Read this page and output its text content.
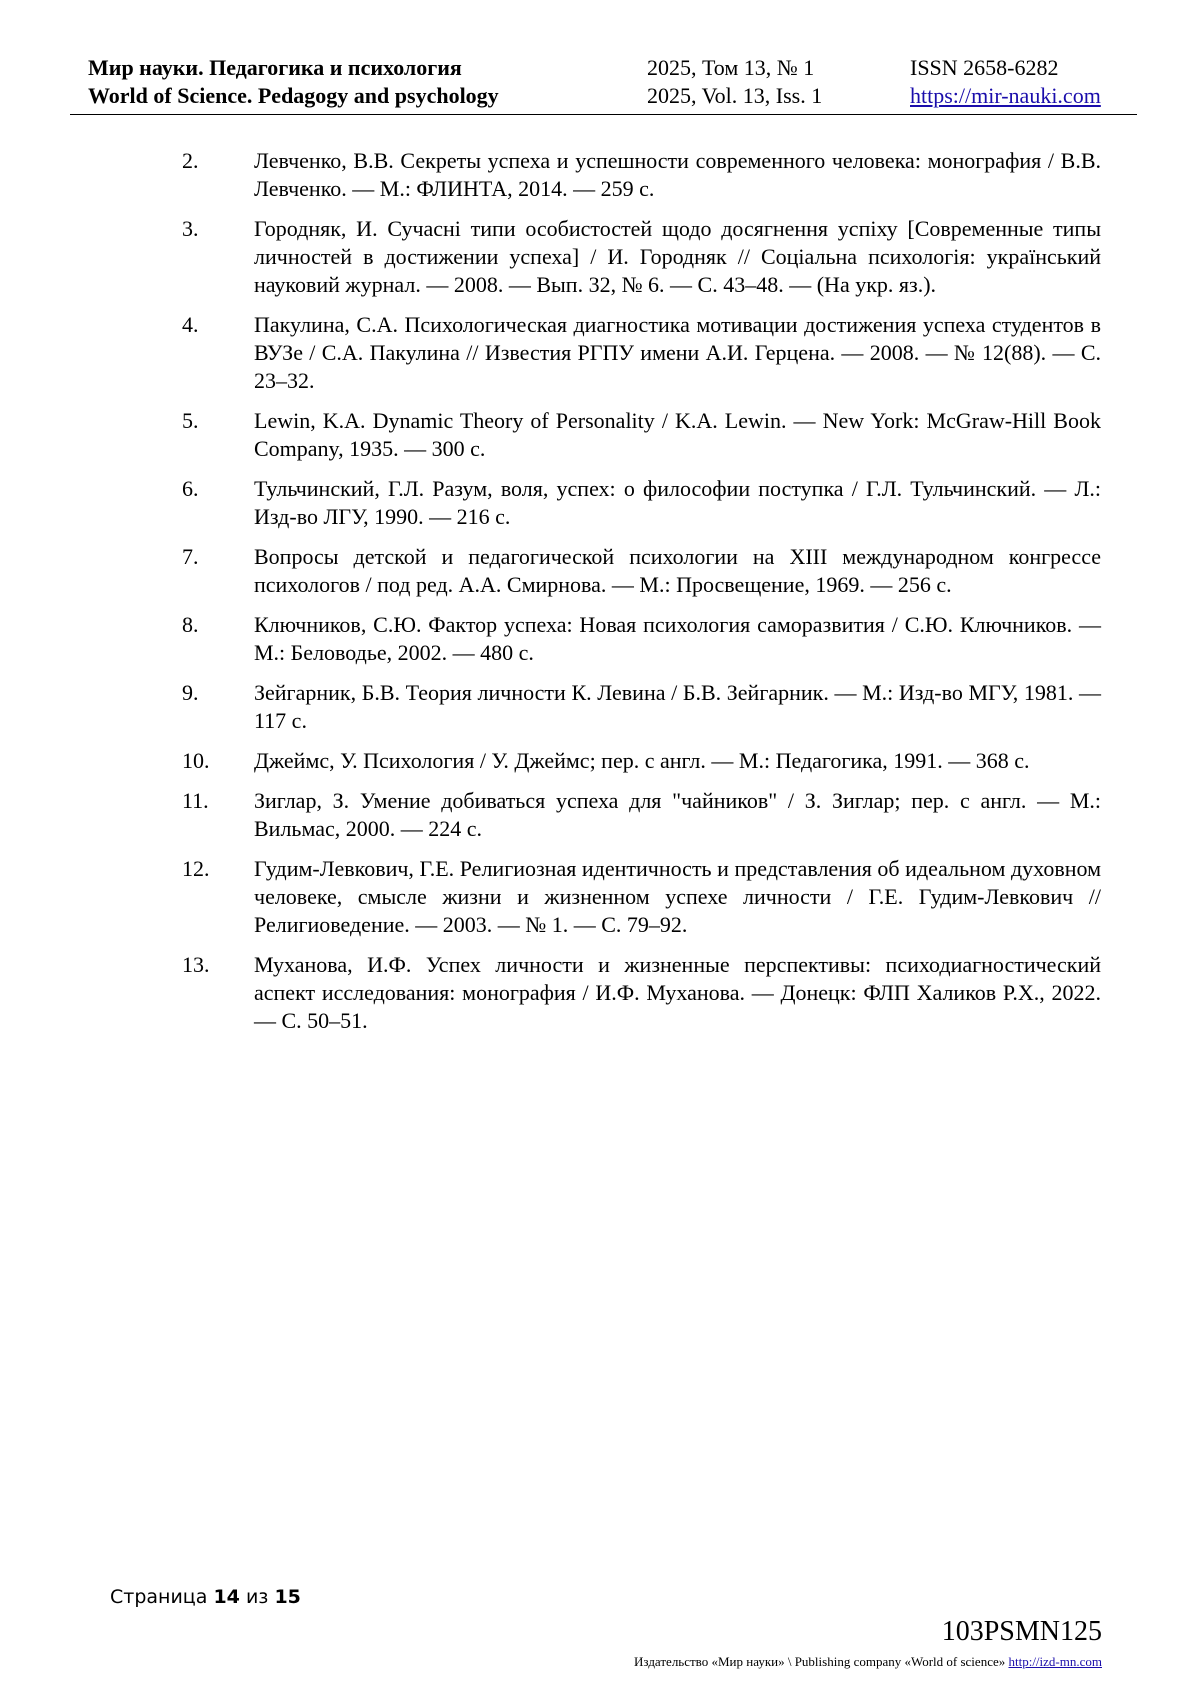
Мир науки. Педагогика и психология
World of Science. Pedagogy and psychology
2025, Том 13, № 1
2025, Vol. 13, Iss. 1
ISSN 2658-6282
https://mir-nauki.com
2.	Левченко, В.В. Секреты успеха и успешности современного человека: монография / В.В. Левченко. — М.: ФЛИНТА, 2014. — 259 с.
3.	Городняк, И. Сучасні типи особистостей щодо досягнення успіху [Современные типы личностей в достижении успеха] / И. Городняк // Соціальна психологія: український науковий журнал. — 2008. — Вып. 32, № 6. — С. 43–48. — (На укр. яз.).
4.	Пакулина, С.А. Психологическая диагностика мотивации достижения успеха студентов в ВУЗе / С.А. Пакулина // Известия РГПУ имени А.И. Герцена. — 2008. — № 12(88). — С. 23–32.
5.	Lewin, K.A. Dynamic Theory of Personality / K.A. Lewin. — New York: McGraw-Hill Book Company, 1935. — 300 c.
6.	Тульчинский, Г.Л. Разум, воля, успех: о философии поступка / Г.Л. Тульчинский. — Л.: Изд-во ЛГУ, 1990. — 216 с.
7.	Вопросы детской и педагогической психологии на XIII международном конгрессе психологов / под ред. А.А. Смирнова. — М.: Просвещение, 1969. — 256 с.
8.	Ключников, С.Ю. Фактор успеха: Новая психология саморазвития / С.Ю. Ключников. — М.: Беловодье, 2002. — 480 с.
9.	Зейгарник, Б.В. Теория личности К. Левина / Б.В. Зейгарник. — М.: Изд-во МГУ, 1981. — 117 с.
10. Джеймс, У. Психология / У. Джеймс; пер. с англ. — М.: Педагогика, 1991. — 368 с.
11. Зиглар, З. Умение добиваться успеха для "чайников" / З. Зиглар; пер. с англ. — М.: Вильмас, 2000. — 224 с.
12. Гудим-Левкович, Г.Е. Религиозная идентичность и представления об идеальном духовном человеке, смысле жизни и жизненном успехе личности / Г.Е. Гудим-Левкович // Религиоведение. — 2003. — № 1. — С. 79–92.
13. Муханова, И.Ф. Успех личности и жизненные перспективы: психодиагностический аспект исследования: монография / И.Ф. Муханова. — Донецк: ФЛП Халиков Р.Х., 2022. — С. 50–51.
Страница 14 из 15
103PSMN125
Издательство «Мир науки» \ Publishing company «World of science» http://izd-mn.com
